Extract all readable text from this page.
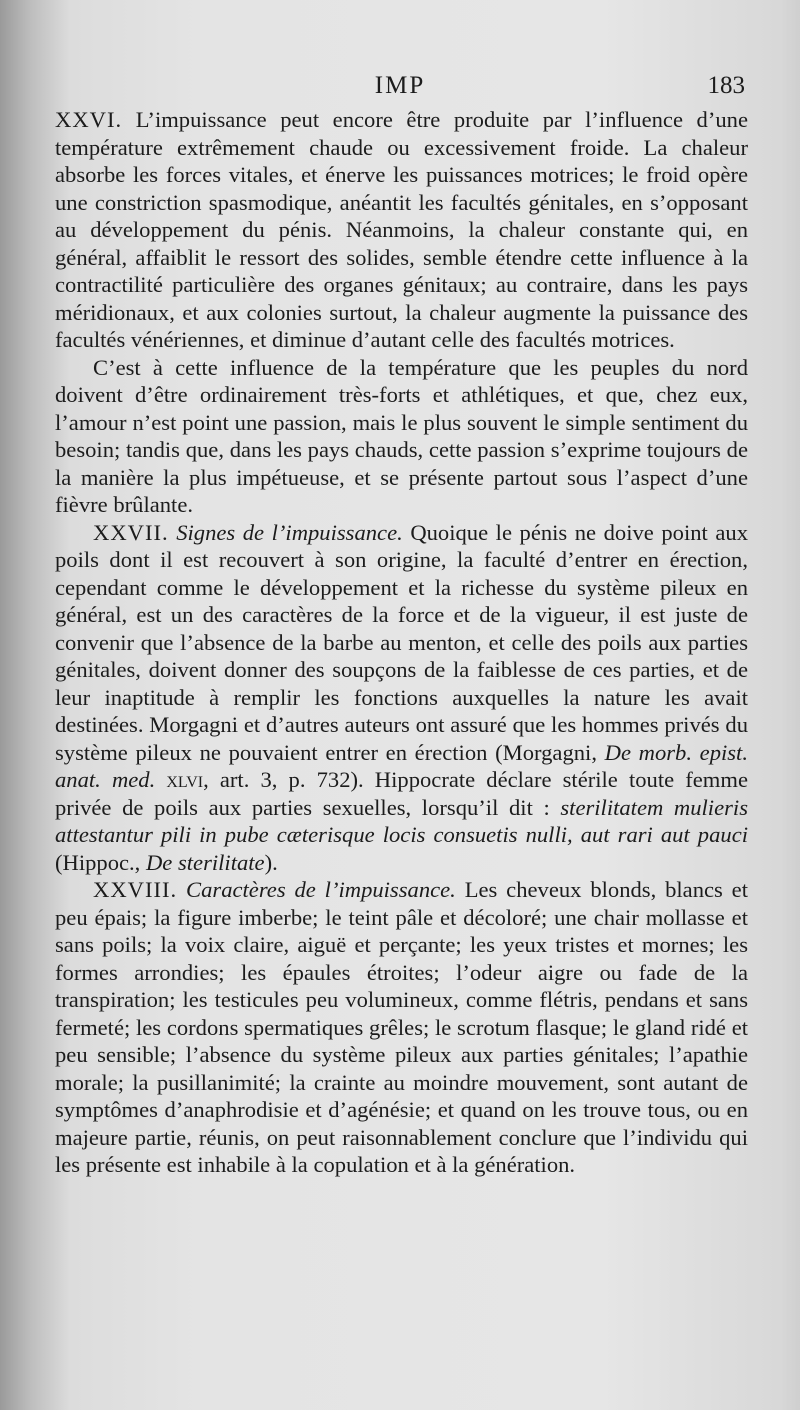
IMP	183

XXVI. L’impuissance peut encore être produite par l’influence d’une température extrêmement chaude ou excessivement froide. La chaleur absorbe les forces vitales, et énerve les puissances motrices; le froid opère une constriction spasmodique, anéantit les facultés génitales, en s’opposant au développement du pénis. Néanmoins, la chaleur constante qui, en général, affaiblit le ressort des solides, semble étendre cette influence à la contractilité particulière des organes génitaux; au contraire, dans les pays méridionaux, et aux colonies surtout, la chaleur augmente la puissance des facultés vénériennes, et diminue d’autant celle des facultés motrices.

C’est à cette influence de la température que les peuples du nord doivent d’être ordinairement très-forts et athlétiques, et que, chez eux, l’amour n’est point une passion, mais le plus souvent le simple sentiment du besoin; tandis que, dans les pays chauds, cette passion s’exprime toujours de la manière la plus impétueuse, et se présente partout sous l’aspect d’une fièvre brûlante.

XXVII. Signes de l’impuissance. Quoique le pénis ne doive point aux poils dont il est recouvert à son origine, la faculté d’entrer en érection, cependant comme le développement et la richesse du système pileux en général, est un des caractères de la force et de la vigueur, il est juste de convenir que l’absence de la barbe au menton, et celle des poils aux parties génitales, doivent donner des soupçons de la faiblesse de ces parties, et de leur inaptitude à remplir les fonctions auxquelles la nature les avait destinées. Morgagni et d’autres auteurs ont assuré que les hommes privés du système pileux ne pouvaient entrer en érection (Morgagni, De morb. epist. anat. med. xlvi, art. 3, p. 732). Hippocrate déclare stérile toute femme privée de poils aux parties sexuelles, lorsqu’il dit : sterilitatem mulieris attestantur pili in pube cæterisque locis consuetis nulli, aut rari aut pauci (Hippoc., De sterilitate).

XXVIII. Caractères de l’impuissance. Les cheveux blonds, blancs et peu épais; la figure imberbe; le teint pâle et décoloré; une chair mollasse et sans poils; la voix claire, aiguë et perçante; les yeux tristes et mornes; les formes arrondies; les épaules étroites; l’odeur aigre ou fade de la transpiration; les testicules peu volumineux, comme flétris, pendans et sans fermeté; les cordons spermatiques grêles; le scrotum flasque; le gland ridé et peu sensible; l’absence du système pileux aux parties génitales; l’apathie morale; la pusillanimité; la crainte au moindre mouvement, sont autant de symptômes d’anaphrodisie et d’agénésie; et quand on les trouve tous, ou en majeure partie, réunis, on peut raisonnablement conclure que l’individu qui les présente est inhabile à la copulation et à la génération.
